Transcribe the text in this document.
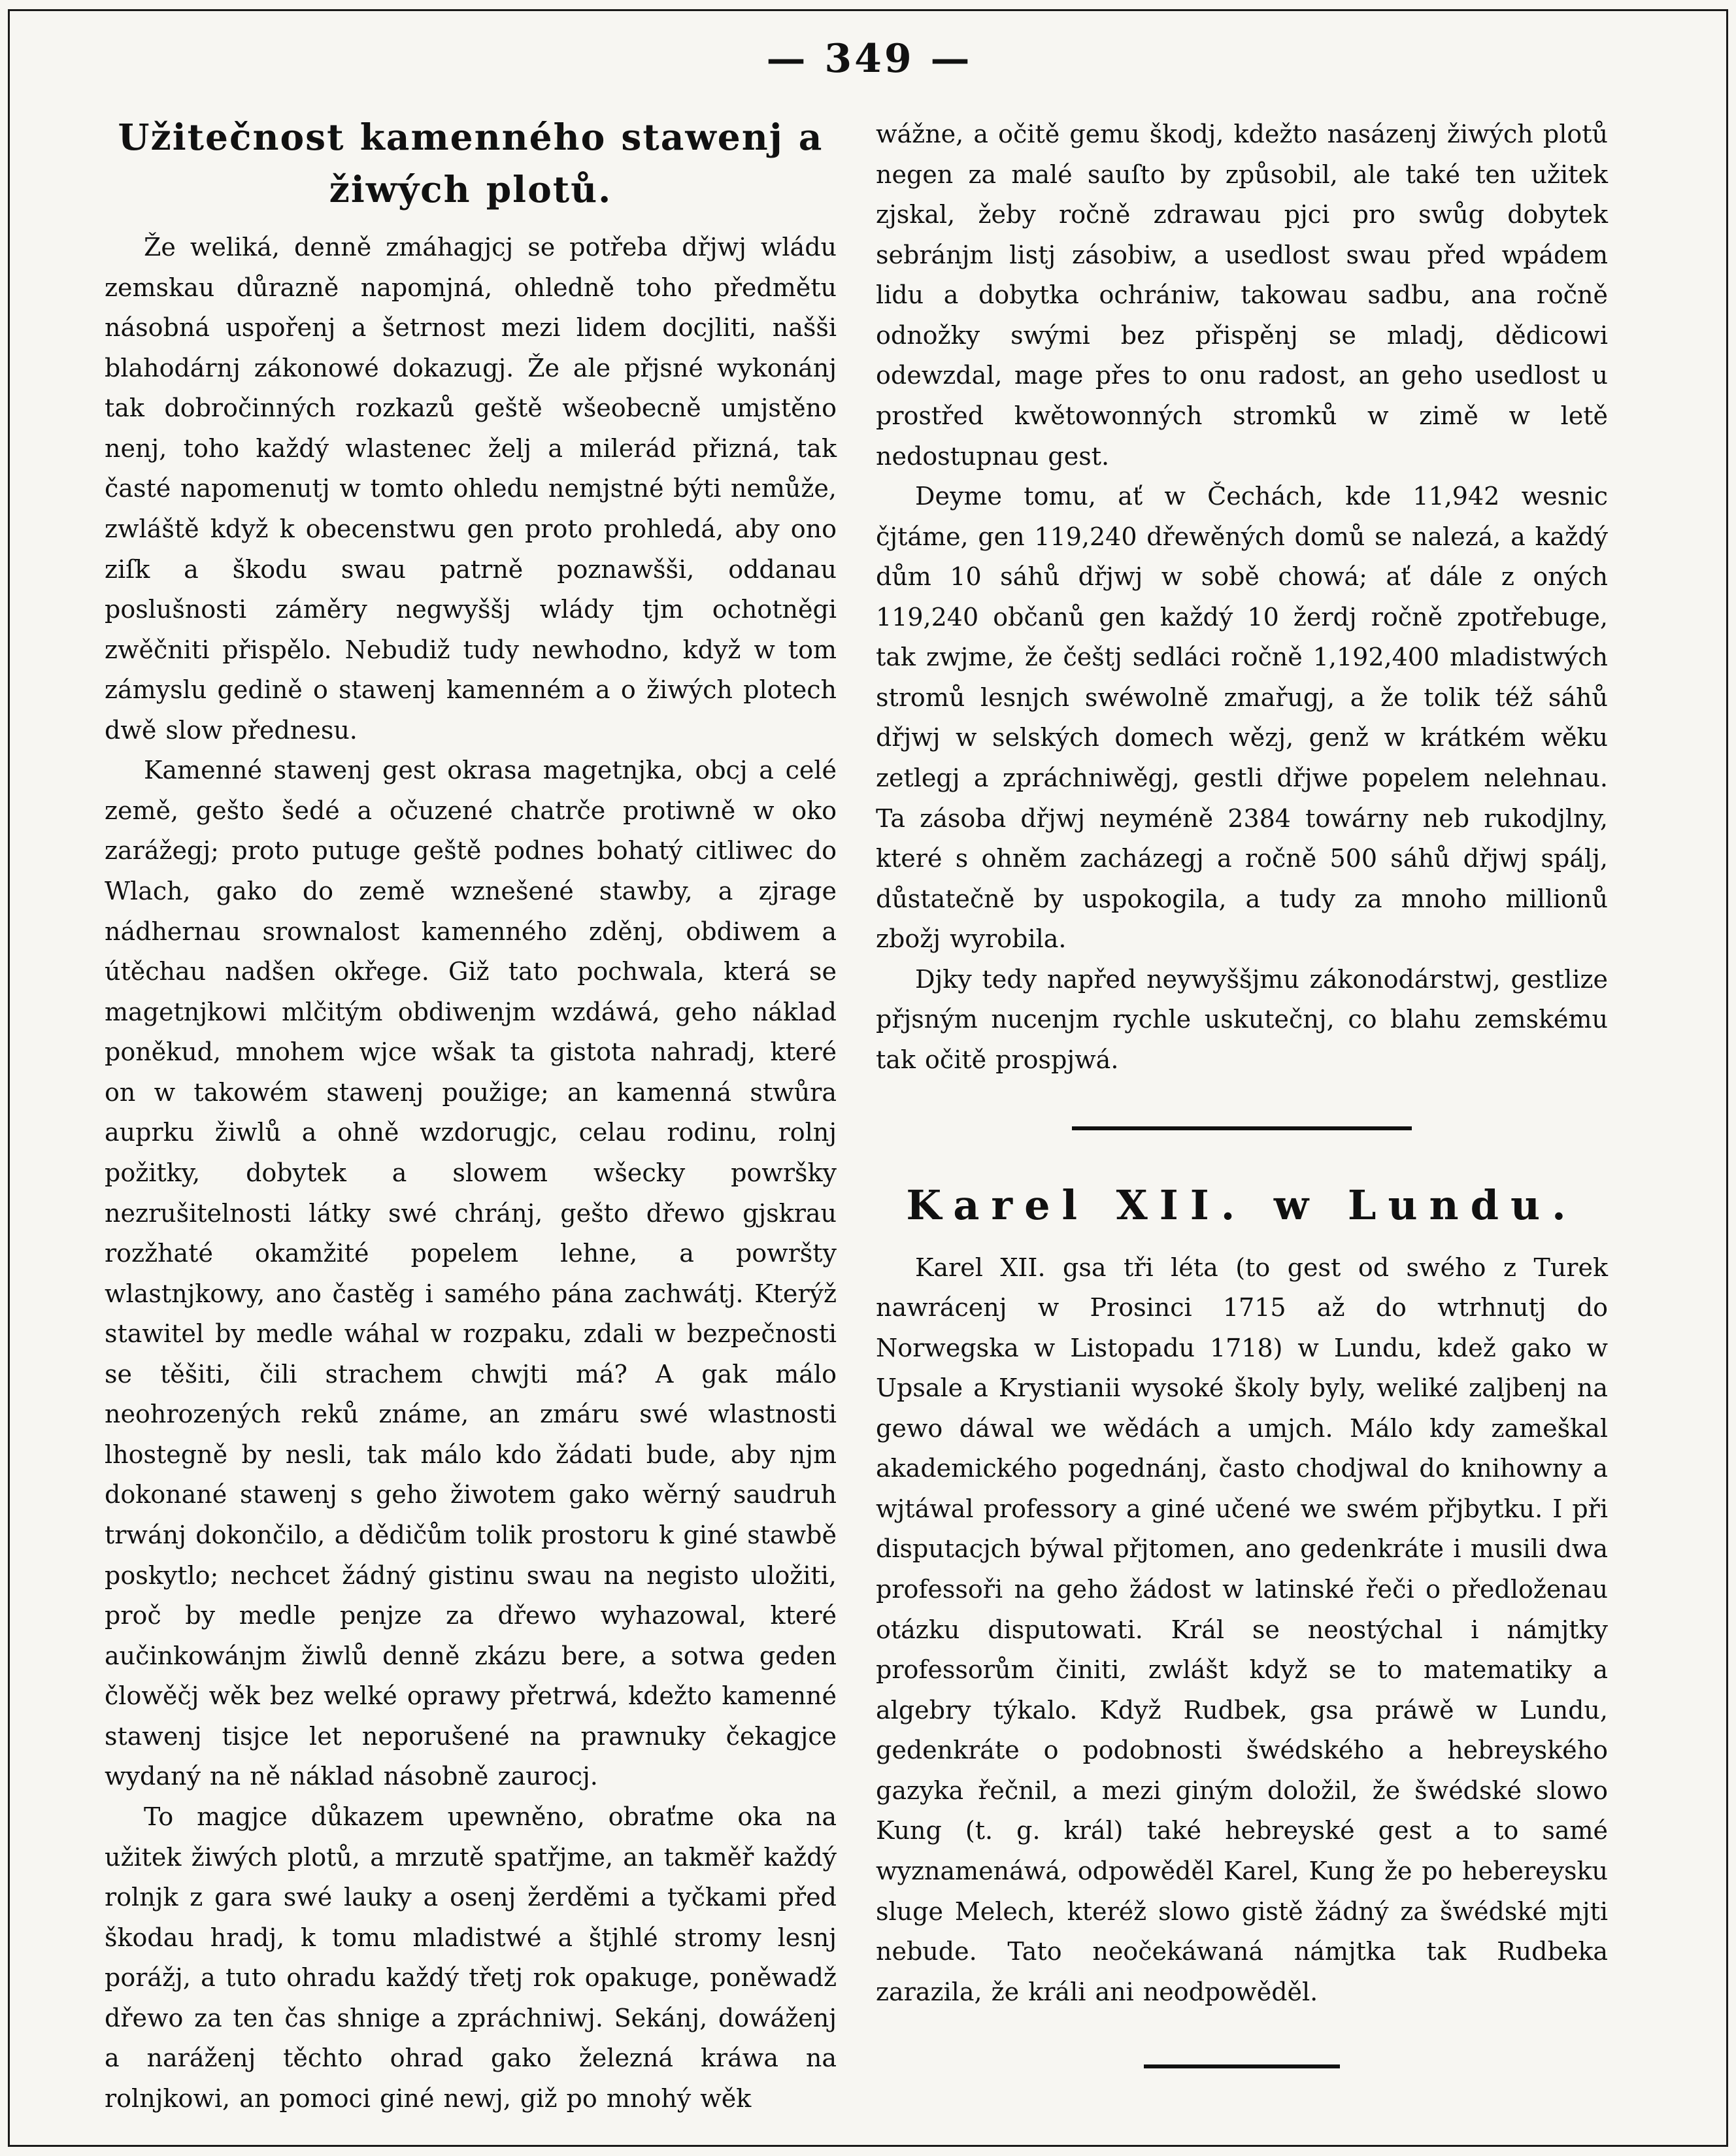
— 349 —
Užitečnost kamenného stawenj a žiwých plotů.

Že weliká, denně zmáhagjcj se potřeba dřjwj wládu zemskau důrazně napomjná, ohledně toho předmětu násobná uspořenj a šetrnost mezi lidem docjliti, našši blahodárnj zákonowé dokazugj. Že ale přjsné wykonánj tak dobročinných rozkazů geště wšeobecně umjstěno nenj, toho každý wlastenec želj a milerád přizná, tak časté napomenutj w tomto ohledu nemjstné býti nemůže, zwláště když k obecenstwu gen proto prohledá, aby ono ziſk a škodu swau patrně poznawšši, oddanau poslušnosti záměry negwyššj wlády tjm ochotněgi zwěčniti přispělo. Nebudiž tudy newhodno, když w tom zámyslu gedině o stawenj kamenném a o žiwých plotech dwě slow přednesu.

Kamenné stawenj gest okrasa magetnjka, obcj a celé země, gešto šedé a očuzené chatrče protiwně w oko zarážegj; proto putuge geště podnes bohatý citliwec do Wlach, gako do země wznešené stawby, a zjrage nádhernau srownalost kamenného zděnj, obdiwem a útěchau nadšen okřege. Giž tato pochwala, která se magetnjkowi mlčitým obdiwenjm wzdáwá, geho náklad poněkud, mnohem wjce wšak ta gistota nahradj, které on w takowém stawenj použige; an kamenná stwůra auprku žiwlů a ohně wzdorugjc, celau rodinu, rolnj požitky, dobytek a slowem wšecky powršky nezrušitelnosti látky swé chránj, gešto dřewo gjskrau rozžhaté okamžité popelem lehne, a powršty wlastnjkowy, ano častěg i samého pána zachwátj. Kterýž stawitel by medle wáhal w rozpaku, zdali w bezpečnosti se těšiti, čili strachem chwjti má? A gak málo neohrozených reků známe, an zmáru swé wlastnosti lhostegně by nesli, tak málo kdo žádati bude, aby njm dokonané stawenj s geho žiwotem gako wěrný saudruh trwánj dokončilo, a dědičům tolik prostoru k giné stawbě poskytlo; nechcet žádný gistinu swau na negisto uložiti, proč by medle penjze za dřewo wyhazowal, které aučinkowánjm žiwlů denně zkázu bere, a sotwa geden člowěčj wěk bez welké oprawy přetrwá, kdežto kamenné stawenj tisjce let neporušené na prawnuky čekagjce wydaný na ně náklad násobně zaurocj.

To magjce důkazem upewněno, obraťme oka na užitek žiwých plotů, a mrzutě spatřjme, an takměř každý rolnjk z gara swé lauky a osenj žerděmi a tyčkami před škodau hradj, k tomu mladistwé a štjhlé stromy lesnj porážj, a tuto ohradu každý třetj rok opakuge, poněwadž dřewo za ten čas shnige a zpráchniwj. Sekánj, dowáženj a naráženj těchto ohrad gako železná kráwa na rolnjkowi, an pomoci giné newj, giž po mnohý wěk

wážne, a očitě gemu škodj, kdežto nasázenj žiwých plotů negen za malé sauſto by způsobil, ale také ten užitek zjskal, žeby ročně zdrawau pjci pro swůg dobytek sebránjm listj zásobiw, a usedlost swau před wpádem lidu a dobytka ochrániw, takowau sadbu, ana ročně odnožky swými bez přispěnj se mladj, dědicowi odewzdal, mage přes to onu radost, an geho usedlost u prostřed kwětowonných stromků w zimě w letě nedostupnau gest.

Deyme tomu, ať w Čechách, kde 11,942 wesnic čjtáme, gen 119,240 dřewěných domů se nalezá, a každý dům 10 sáhů dřjwj w sobě chowá; ať dále z oných 119,240 občanů gen každý 10 žerdj ročně zpotřebuge, tak zwjme, že češtj sedláci ročně 1,192,400 mladistwých stromů lesnjch swéwolně zmařugj, a že tolik též sáhů dřjwj w selských domech wězj, genž w krátkém wěku zetlegj a zpráchniwěgj, gestli dřjwe popelem nelehnau. Ta zásoba dřjwj neyméně 2384 towárny neb rukodjlny, které s ohněm zacházegj a ročně 500 sáhů dřjwj spálj, důstatečně by uspokogila, a tudy za mnoho millionů zbožj wyrobila.

Djky tedy napřed neywyššjmu zákonodárstwj, gestlize přjsným nucenjm rychle uskutečnj, co blahu zemskému tak očitě prospjwá.

Karel XII. w Lundu.

Karel XII. gsa tři léta (to gest od swého z Turek nawrácenj w Prosinci 1715 až do wtrhnutj do Norwegska w Listopadu 1718) w Lundu, kdež gako w Upsale a Krystianii wysoké školy byly, weliké zaljbenj na gewo dáwal we wědách a umjch. Málo kdy zameškal akademického pogednánj, často chodjwal do knihowny a wjtáwal professory a giné učené we swém přjbytku. I při disputacjch býwal přjtomen, ano gedenkráte i musili dwa professoři na geho žádost w latinské řeči o předloženau otázku disputowati. Král se neostýchal i námjtky professorům činiti, zwlášt když se to matematiky a algebry týkalo. Když Rudbek, gsa práwě w Lundu, gedenkráte o podobnosti šwédského a hebreyského gazyka řečnil, a mezi giným doložil, že šwédské slowo Kung (t. g. král) také hebreyské gest a to samé wyznamenáwá, odpowěděl Karel, Kung že po hebereysku sluge Melech, kteréž slowo gistě žádný za šwédské mjti nebude. Tato neočekáwaná námjtka tak Rudbeka zarazila, že králi ani neodpowěděl.
